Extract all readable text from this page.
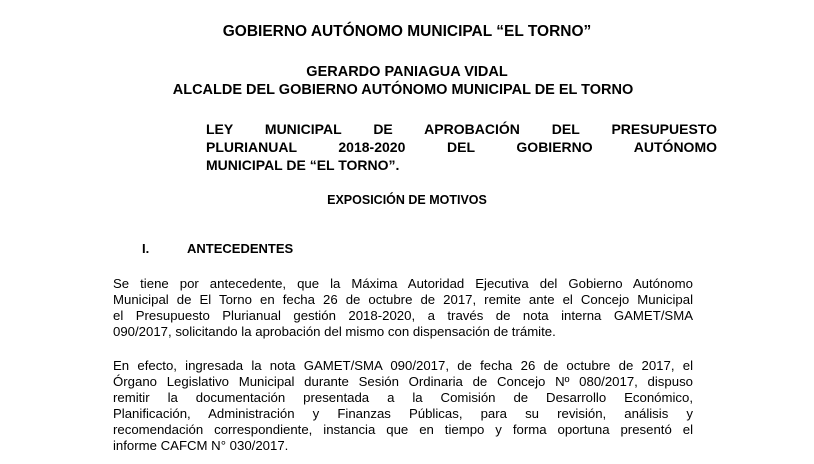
GOBIERNO AUTÓNOMO MUNICIPAL “EL TORNO”
GERARDO PANIAGUA VIDAL
ALCALDE DEL GOBIERNO AUTÓNOMO MUNICIPAL DE EL TORNO
LEY MUNICIPAL DE APROBACIÓN DEL PRESUPUESTO
PLURIANUAL 2018-2020 DEL GOBIERNO AUTÓNOMO
MUNICIPAL DE “EL TORNO”.
EXPOSICIÓN DE MOTIVOS
I.	ANTECEDENTES
Se tiene por antecedente, que la Máxima Autoridad Ejecutiva del Gobierno Autónomo
Municipal de El Torno en fecha 26 de octubre de 2017, remite ante el Concejo Municipal
el Presupuesto Plurianual gestión 2018-2020, a través de nota interna GAMET/SMA
090/2017, solicitando la aprobación del mismo con dispensación de trámite.
En efecto, ingresada la nota GAMET/SMA 090/2017, de fecha 26 de octubre de 2017, el
Órgano Legislativo Municipal durante Sesión Ordinaria de Concejo Nº 080/2017, dispuso
remitir la documentación presentada a la Comisión de Desarrollo Económico,
Planificación, Administración y Finanzas Públicas, para su revisión, análisis y
recomendación correspondiente, instancia que en tiempo y forma oportuna presentó el
informe CAFCM N° 030/2017.
